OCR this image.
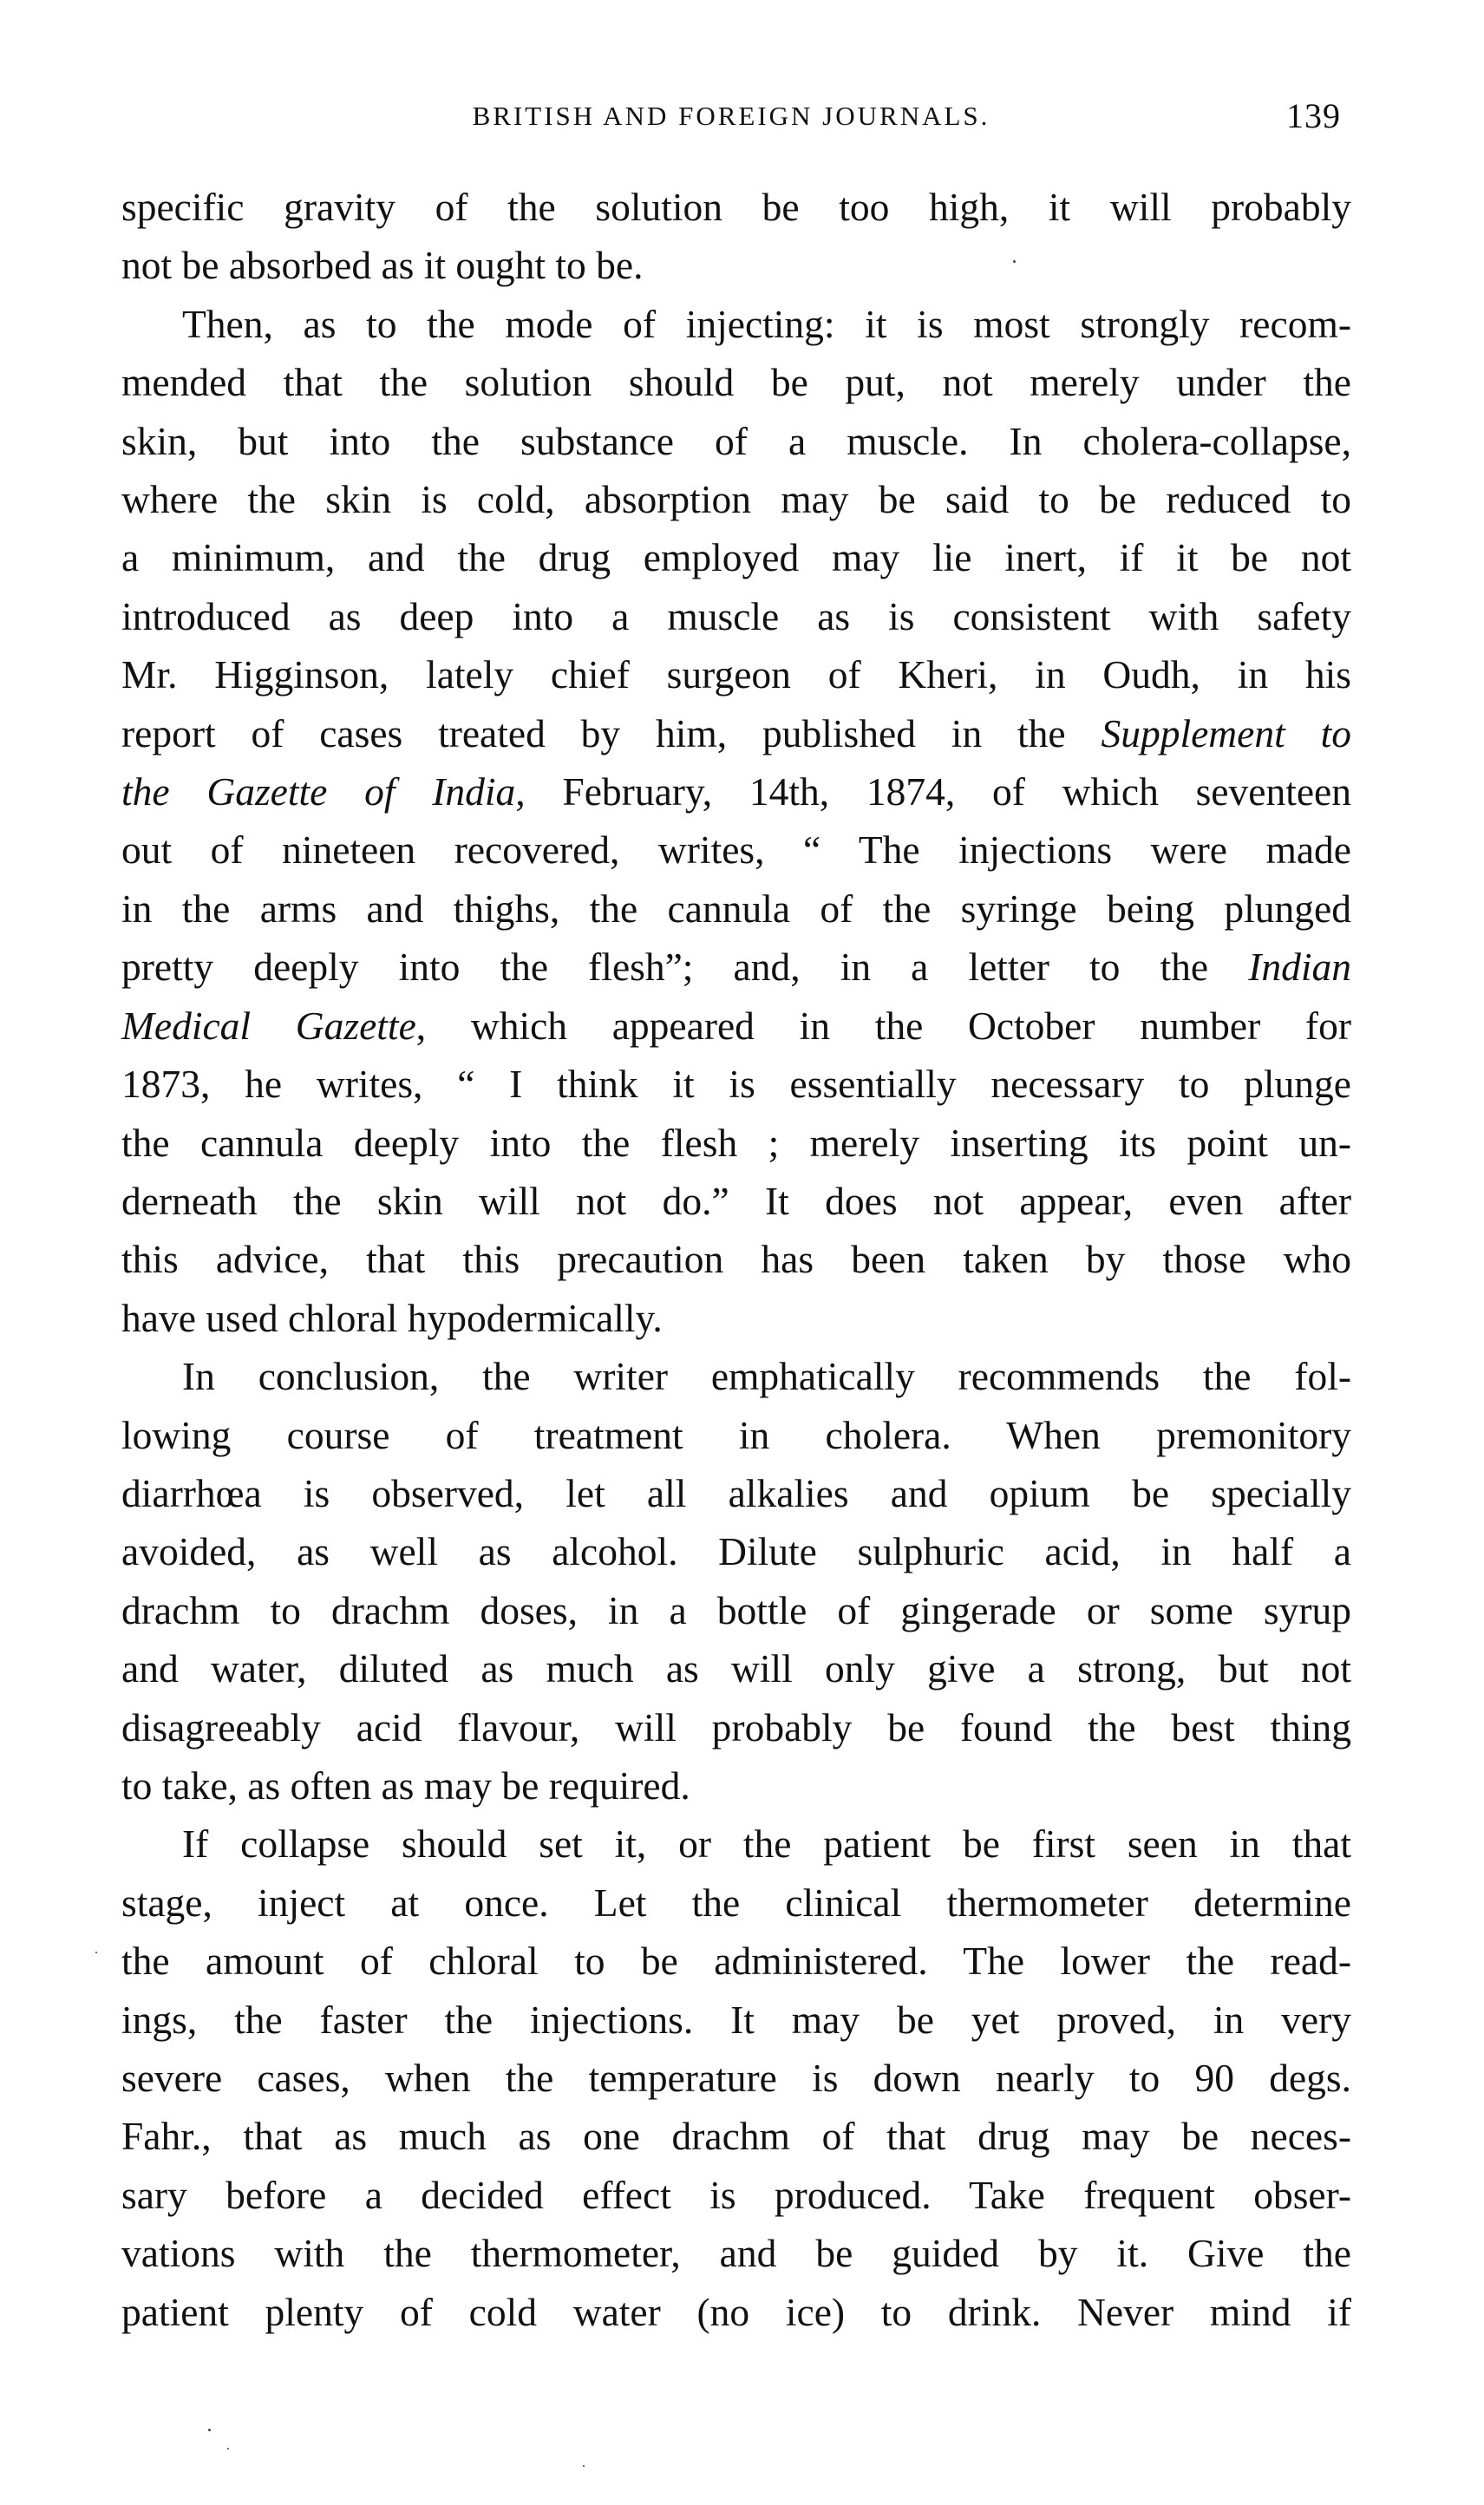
BRITISH AND FOREIGN JOURNALS.	139

specific gravity of the solution be too high, it will probably

not be absorbed as it ought to be.

Then, as to the mode of injecting: it is most strongly recom-

mended that the solution should be put, not merely under the

skin, but into the substance of a muscle. In cholera-collapse,

where the skin is cold, absorption may be said to be reduced to

a minimum, and the drug employed may lie inert, if it be not

introduced as deep into a muscle as is consistent with safety

Mr. Higginson, lately chief surgeon of Kheri, in Oudh, in his

report of cases treated by him, published in the Supplement to

the Gazette of India, February, 14th, 1874, of which seventeen

out of nineteen recovered, writes, “ The injections were made

in the arms and thighs, the cannula of the syringe being plunged

pretty deeply into the flesh”; and, in a letter to the Indian

Medical Gazette, which appeared in the October number for

1873, he writes, “ I think it is essentially necessary to plunge

the cannula deeply into the flesh ; merely inserting its point un-

derneath the skin will not do.” It does not appear, even after

this advice, that this precaution has been taken by those who

have used chloral hypodermically.

In conclusion, the writer emphatically recommends the fol-

lowing course of treatment in cholera. When premonitory

diarrhœa is observed, let all alkalies and opium be specially

avoided, as well as alcohol. Dilute sulphuric acid, in half a

drachm to drachm doses, in a bottle of gingerade or some syrup

and water, diluted as much as will only give a strong, but not

disagreeably acid flavour, will probably be found the best thing

to take, as often as may be required.

If collapse should set it, or the patient be first seen in that

stage, inject at once. Let the clinical thermometer determine

the amount of chloral to be administered. The lower the read-

ings, the faster the injections. It may be yet proved, in very

severe cases, when the temperature is down nearly to 90 degs.

Fahr., that as much as one drachm of that drug may be neces-

sary before a decided effect is produced. Take frequent obser-

vations with the thermometer, and be guided by it. Give the

patient plenty of cold water (no ice) to drink. Never mind if
